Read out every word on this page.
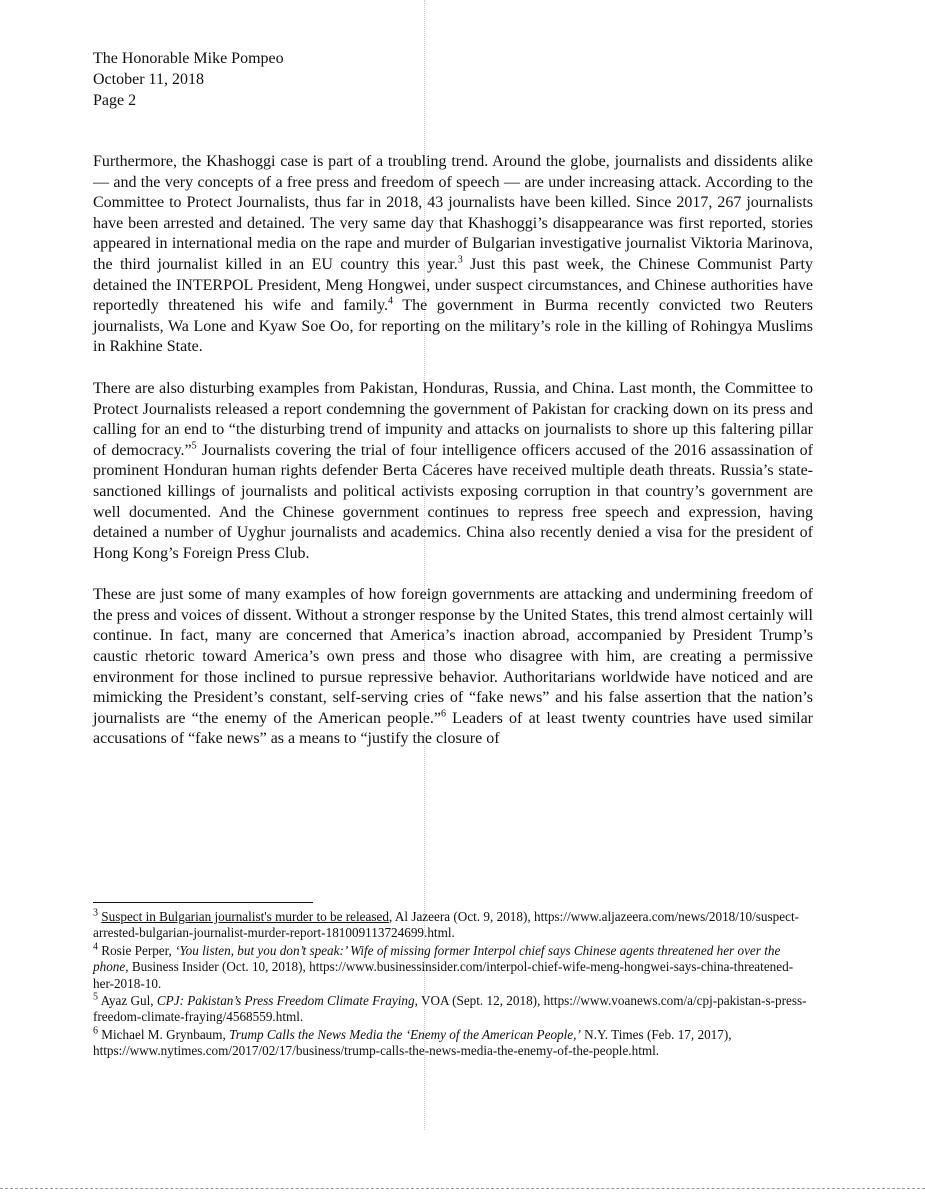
The Honorable Mike Pompeo
October 11, 2018
Page 2

Furthermore, the Khashoggi case is part of a troubling trend. Around the globe, journalists and dissidents alike — and the very concepts of a free press and freedom of speech — are under increasing attack. According to the Committee to Protect Journalists, thus far in 2018, 43 journalists have been killed. Since 2017, 267 journalists have been arrested and detained. The very same day that Khashoggi’s disappearance was first reported, stories appeared in international media on the rape and murder of Bulgarian investigative journalist Viktoria Marinova, the third journalist killed in an EU country this year.$^3$ Just this past week, the Chinese Communist Party detained the INTERPOL President, Meng Hongwei, under suspect circumstances, and Chinese authorities have reportedly threatened his wife and family.$^4$ The government in Burma recently convicted two Reuters journalists, Wa Lone and Kyaw Soe Oo, for reporting on the military’s role in the killing of Rohingya Muslims in Rakhine State.

There are also disturbing examples from Pakistan, Honduras, Russia, and China. Last month, the Committee to Protect Journalists released a report condemning the government of Pakistan for cracking down on its press and calling for an end to “the disturbing trend of impunity and attacks on journalists to shore up this faltering pillar of democracy.”$^5$ Journalists covering the trial of four intelligence officers accused of the 2016 assassination of prominent Honduran human rights defender Berta Cáceres have received multiple death threats. Russia’s state-sanctioned killings of journalists and political activists exposing corruption in that country’s government are well documented. And the Chinese government continues to repress free speech and expression, having detained a number of Uyghur journalists and academics. China also recently denied a visa for the president of Hong Kong’s Foreign Press Club.

These are just some of many examples of how foreign governments are attacking and undermining freedom of the press and voices of dissent. Without a stronger response by the United States, this trend almost certainly will continue. In fact, many are concerned that America’s inaction abroad, accompanied by President Trump’s caustic rhetoric toward America’s own press and those who disagree with him, are creating a permissive environment for those inclined to pursue repressive behavior. Authoritarians worldwide have noticed and are mimicking the President’s constant, self-serving cries of “fake news” and his false assertion that the nation’s journalists are “the enemy of the American people.”$^6$ Leaders of at least twenty countries have used similar accusations of “fake news” as a means to “justify the closure of

$^3$ Suspect in Bulgarian journalist's murder to be released, Al Jazeera (Oct. 9, 2018), https://www.aljazeera.com/news/2018/10/suspect-arrested-bulgarian-journalist-murder-report-181009113724699.html.
$^4$ Rosie Perper, ‘You listen, but you don’t speak:’ Wife of missing former Interpol chief says Chinese agents threatened her over the phone, Business Insider (Oct. 10, 2018), https://www.businessinsider.com/interpol-chief-wife-meng-hongwei-says-china-threatened-her-2018-10.
$^5$ Ayaz Gul, CPJ: Pakistan’s Press Freedom Climate Fraying, VOA (Sept. 12, 2018), https://www.voanews.com/a/cpj-pakistan-s-press-freedom-climate-fraying/4568559.html.
$^6$ Michael M. Grynbaum, Trump Calls the News Media the ‘Enemy of the American People,’ N.Y. Times (Feb. 17, 2017), https://www.nytimes.com/2017/02/17/business/trump-calls-the-news-media-the-enemy-of-the-people.html.
